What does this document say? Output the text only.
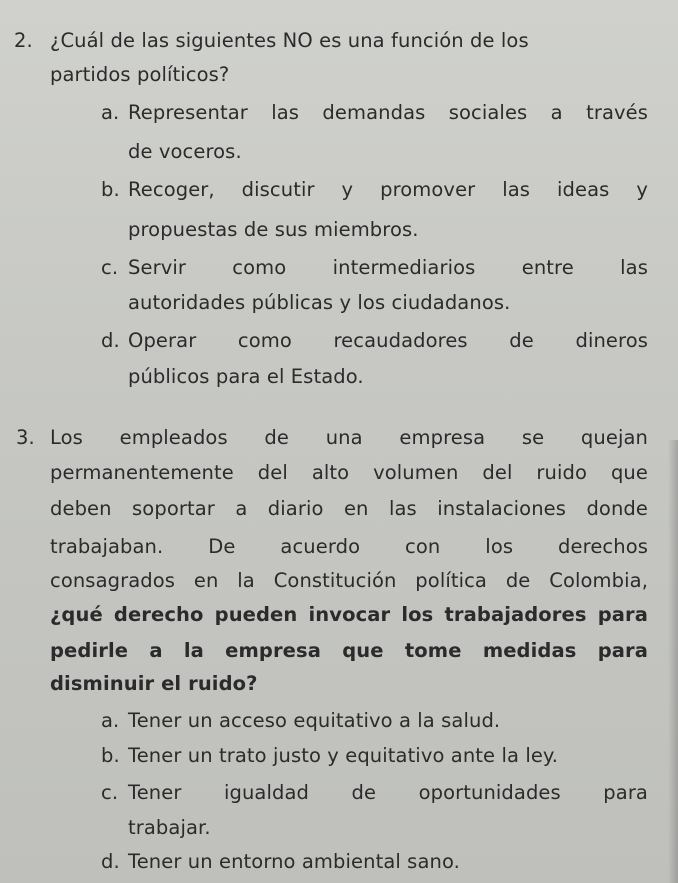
2. ¿Cuál de las siguientes NO es una función de los
partidos políticos?
a. Representar las demandas sociales a través
de voceros.
b. Recoger, discutir y promover las ideas y
propuestas de sus miembros.
c. Servir como intermediarios entre las
autoridades públicas y los ciudadanos.
d. Operar como recaudadores de dineros
públicos para el Estado.
3. Los empleados de una empresa se quejan
permanentemente del alto volumen del ruido que
deben soportar a diario en las instalaciones donde
trabajaban. De acuerdo con los derechos
consagrados en la Constitución política de Colombia,
¿qué derecho pueden invocar los trabajadores para
pedirle a la empresa que tome medidas para
disminuir el ruido?
a. Tener un acceso equitativo a la salud.
b. Tener un trato justo y equitativo ante la ley.
c. Tener igualdad de oportunidades para
trabajar.
d. Tener un entorno ambiental sano.
